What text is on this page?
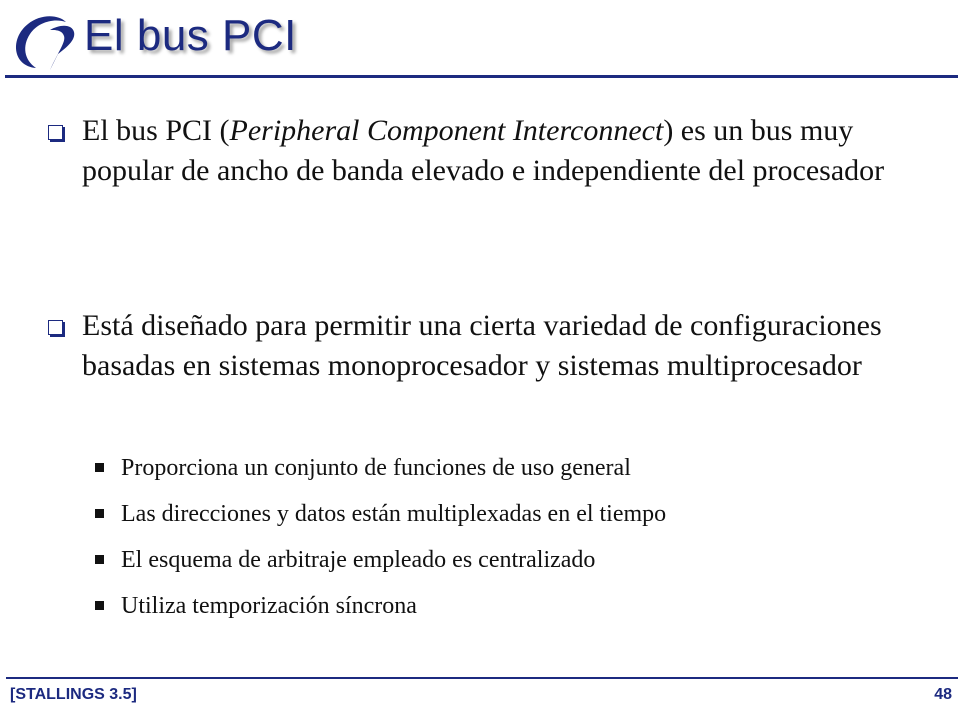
El bus PCI
El bus PCI (Peripheral Component Interconnect) es un bus muy popular de ancho de banda elevado e independiente del procesador
Está diseñado para permitir una cierta variedad de configuraciones basadas en sistemas monoprocesador y sistemas multiprocesador
Proporciona un conjunto de funciones de uso general
Las direcciones y datos están multiplexadas en el tiempo
El esquema de arbitraje empleado es centralizado
Utiliza temporización síncrona
[STALLINGS 3.5]	48
